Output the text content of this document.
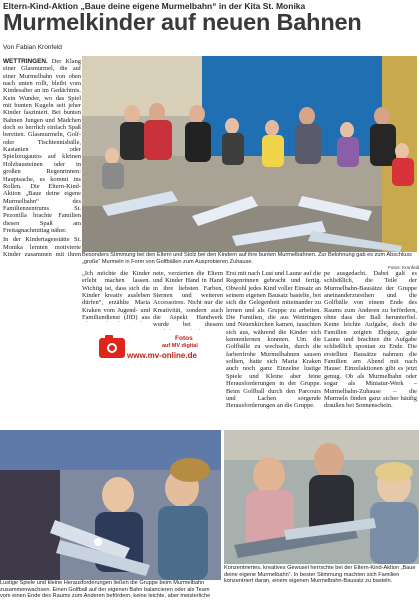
Eltern-Kind-Aktion „Baue deine eigene Murmelbahn“ in der Kita St. Monika
Murmelkinder auf neuen Bahnen
Von Fabian Kronfeld
WETTRINGEN. Der Klang einer Glasmurmel, die auf einer Murmelbahn von oben nach unten rollt, bleibt vom Kindesalter an im Gedächtnis. Kein Wunder, wo das Spiel mit bunten Kugeln seit jeher Kinder fasziniert. Bei bunten Bahnen Jungen und Mädchen doch so herrlich einfach Spaß bereiten. Glasmurmeln, Golf- oder Tischtennisbälle, Kastanien oder Spielzeugautos auf kleinen Holzbausteinen oder in großen Regenrinnen: Hauptsache, es kommt ins Rollen. Die Eltern-Kind-Aktion „Baue deine eigene Murmelbahn“ des Familienzentrums St. Pezonilla brachte Familien diesen Spaß am Freitagnachmittag näher.
In der Kindertagesstätte St. Monika lernten motivierte Kinder zusammen mit ihren Besonders Stimmung bei den Eltern und Stolz bei den Kindern auf ihre bunten Murmelbahnen. Zur Belohnung gab es zum Abschluss „große“ Murmeln in Form von Golfbällen zum Ausprobieren Zuhause.
Fotos: Kronfeld
„Ich möchte die Kinder erlebt machen lassen. Wichtig ist, dass sich die Kinder kreativ ausleben dürfen“, erzählte Maria Kraken vom Jugend- und Familiendienst (JfD) aus
nete, verzierten die Eltern und Kinder Hand in Hand in ihre liebsten Farben, Sternen und weiteren Accessoires. Nicht nur die Kreativität, sondern auch die Aspekt Handwerk wurde bei diesem
Erst mit nach Lust und Laune auf die Regenrinnen gebracht und fertig. Obwohl jedes Kind voller Einsatz an seinem eigenen Bausatz bastelte, bot sich die Gelegenheit miteinander zu lernen und als Gruppe zu arbeiten. Die Familien, die aus Wettringen und Neuenkirchen kamen, tauschten sich aus, während die Kinder sich kennenlernen konnten. Um die Golfbälle zu wechseln, durch die farbenfrohe Murmelbahnen sausen sollten, hatte sich Maria Kraken auch noch ganz Einzelne lustige Spiele und Kleine aber feine Herausforderungen in der Gruppe. Beim Golfball durch den Parcours und Lachen sorgende Herausforderungen an die Gruppe.
pe ausgedacht. Dabei galt es schließlich, die Teile der Murmelbahn-Bausätze der Gruppe aneinanderzureihen und die Golfbälle von einem Ende des Raums zum Anderen zu befördern, ohne dass der Ball herunterfiel. Keine leichte Aufgabe, doch die Familien zeigten Ehrgeiz, gute Laune und brachten die Aufgabe schließlich spontan zu Ende. Die erstellten Bausätze nahmen die Familien am Abend mit nach Hause: Einzelaktionen gibt es jetzt genug. Ob als Murmelbahn oder sogar als Miniatur-Werk – Murmelbahn-Zuhause – die Murmeln finden ganz sicher häufig draußen bei Sonnenschein.
Fotos
auf MV digital
www.mv-online.de
Lustige Spiele und kleine Herausforderungen ließen die Gruppe beim Murmelbahn zusammenwachsen. Einen Golfball auf der eigenen Bahn balancieren oder als Team vom einen Ende des Raums zum Anderen befördern, keine leichte, aber meisterliche
Konzentriertes, kreatives Gewusel herrschte bei der Eltern-Kind-Aktion „Baue deine eigene Murmelbahn“. In bester Stimmung machten sich Familien konzentriert daran, einem eigenen Murmelbahn-Bausatz zu basteln.
